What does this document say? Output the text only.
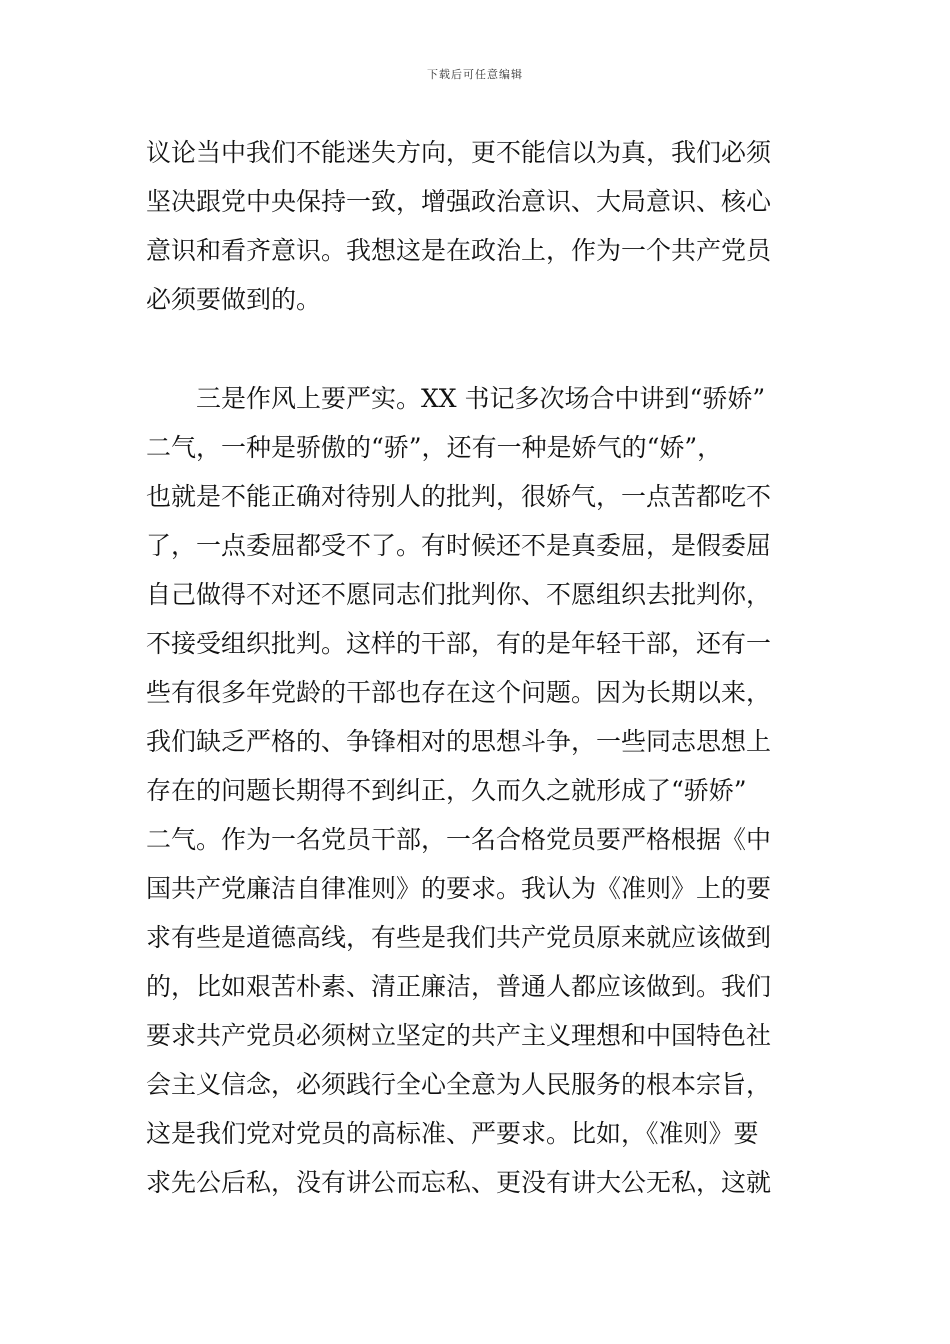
下载后可任意编辑
议论当中我们不能迷失方向，更不能信以为真，我们必须
坚决跟党中央保持一致，增强政治意识、大局意识、核心
意识和看齐意识。我想这是在政治上，作为一个共产党员
必须要做到的。
三是作风上要严实。XX 书记多次场合中讲到“骄娇”
二气，一种是骄傲的“骄”，还有一种是娇气的“娇”，
也就是不能正确对待别人的批判，很娇气，一点苦都吃不
了，一点委屈都受不了。有时候还不是真委屈，是假委屈
自己做得不对还不愿同志们批判你、不愿组织去批判你，
不接受组织批判。这样的干部，有的是年轻干部，还有一
些有很多年党龄的干部也存在这个问题。因为长期以来，
我们缺乏严格的、争锋相对的思想斗争，一些同志思想上
存在的问题长期得不到纠正，久而久之就形成了“骄娇”
二气。作为一名党员干部，一名合格党员要严格根据《中
国共产党廉洁自律准则》的要求。我认为《准则》上的要
求有些是道德高线，有些是我们共产党员原来就应该做到
的，比如艰苦朴素、清正廉洁，普通人都应该做到。我们
要求共产党员必须树立坚定的共产主义理想和中国特色社
会主义信念，必须践行全心全意为人民服务的根本宗旨，
这是我们党对党员的高标准、严要求。比如，《准则》要
求先公后私，没有讲公而忘私、更没有讲大公无私，这就
